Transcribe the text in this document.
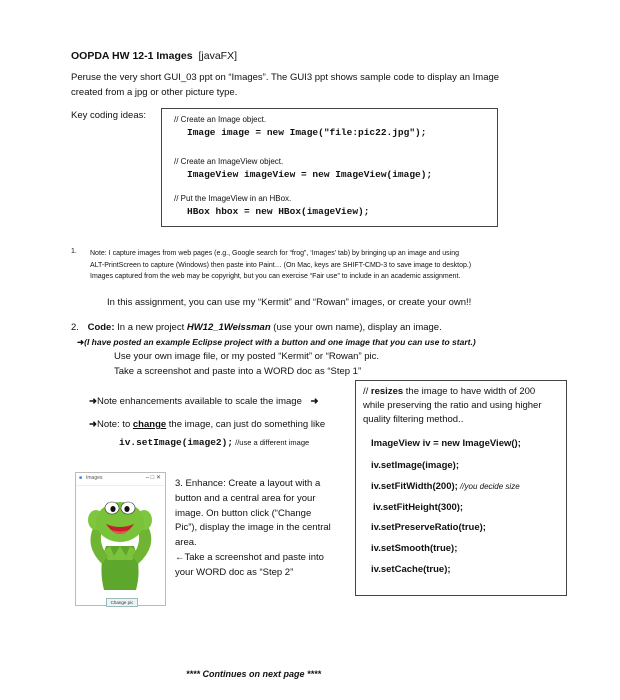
OOPDA HW 12-1 Images [javaFX]
Peruse the very short GUI_03 ppt on “Images”. The GUI3 ppt shows sample code to display an Image
created from a jpg or other picture type.
Key coding ideas:	// Create an Image object.
Image image = new Image("file:pic22.jpg");
// Create an ImageView object.
ImageView imageView = new ImageView(image);
// Put the ImageView in an HBox.
HBox hbox = new HBox(imageView);
1. Note: I capture images from web pages (e.g., Google search for “frog”, ‘Images’ tab) by bringing up an image and using
ALT-PrintScreen to capture (Windows) then paste into Paint… (On Mac, keys are SHIFT-CMD-3 to save image to desktop.)
Images captured from the web may be copyright, but you can exercise “Fair use” to include in an academic assignment.
In this assignment, you can use my “Kermit” and “Rowan” images, or create your own!!
2. Code: In a new project HW12_1Weissman (use your own name), display an image.
➜(I have posted an example Eclipse project with a button and one image that you can use to start.)
Use your own image file, or my posted “Kermit” or “Rowan” pic.
Take a screenshot and paste into a WORD doc as “Step 1”
➜Note enhancements available to scale the image ➜
➜Note: to change the image, can just do something like
iv.setImage(image2); //use a different image
// resizes the image to have width of 200
while preserving the ratio and using higher
quality filtering method..
ImageView iv = new ImageView();
iv.setImage(image);
iv.setFitWidth(200); //you decide size
iv.setFitHeight(300);
iv.setPreserveRatio(true);
iv.setSmooth(true);
iv.setCache(true);
■ Images	– □ ✕
Change pic
3. Enhance: Create a layout with a
button and a central area for your
image. On button click (“Change
Pic”), display the image in the central
area.
←Take a screenshot and paste into
your WORD doc as “Step 2”
**** Continues on next page ****
